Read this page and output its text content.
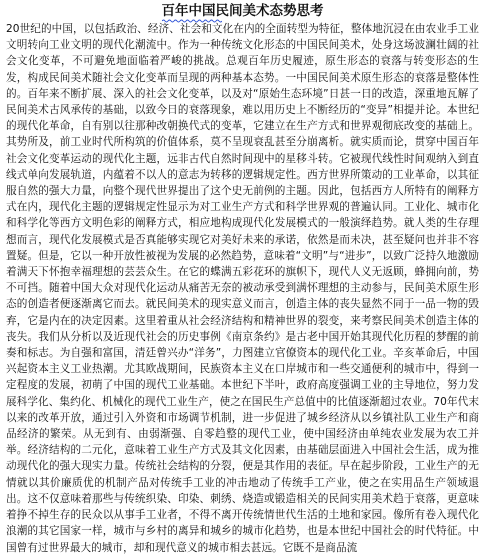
百年中国民间美术态势思考

20世纪的中国，以包括政治、经济、社会和文化在内的全面转型为特征，整体地沉浸在由农业手工业文明转向工业文明的现代化潮流中。作为一种传统文化形态的中国民间美术，处身这场波澜壮阔的社会文化变革，不可避免地面临着严峻的挑战。总观百年历史履迹，原生形态的衰落与转变形态的生发，构成民间美术随社会文化变革而呈现的两种基本态势。一中国民间美术原生形态的衰落是整体性的。百年来不断扩展、深入的社会文化变革，以及对“原始生态环境”日甚一日的改造，深重地瓦解了民间美术古风承传的基础，以致今日的衰落现象，难以用历史上不断经历的“变异”相提并论。本世纪的现代化革命，自有别以往那种改朝换代式的变革，它建立在生产方式和世界观彻底改变的基础上。其势所及，前工业时代所构筑的价值体系，莫不呈现衰乱甚至分崩离析。就实质而论，贯穿中国百年社会文化变革运动的现代化主题，远非古代自然时间现中的星移斗转。它被现代线性时间观纳入到直线式单向发展轨道，内蕴着不以人的意志为转移的逻辑规定性。西方世界所策动的工业革命，以其征服自然的强大力量，向整个现代世界提出了这个史无前例的主题。因此，包括西方人所特有的阐释方式在内，现代化主题的逻辑规定性显示为对工业生产方式和科学世界观的普遍认同。工业化、城市化和科学化等西方文明色彩的阐释方式，相应地构成现代化发展模式的一般演绎趋势。就人类的生存理想而言，现代化发展模式是否真能够实现它对美好未来的承诺，依然是而未决，甚至疑问也并非不容置疑。但是，它以一种开放性被视为发展的必然趋势，意味着“文明”与“进步”，以致广泛持久地激励着满天下怀抱幸福理想的芸芸众生。在它的蝶满五彩花环的旗帜下，现代人义无返顾，蜂拥向前，势不可挡。随着中国大众对现代化运动从痛苦无奈的被动承受到满怀理想的主动参与，民间美术原生形态的创造者便逐渐离它而去。就民间美术的现实意义而言，创造主体的丧失显然不同于一品一物的毁弃，它是内在的决定因素。这里着重从社会经济结构和精神世界的裂变，来考察民间美术创造主体的丧失。我们从分析以及近现代社会的历史事例《南京条约》是古老中国开始其现代化历程的梦醒的前奏和标志。为自强和富国，清廷曾兴办“洋务”，力图建立官僚资本的现代化工业。辛亥革命后，中国兴起资本主义工业热潮。尤其欧战期间，民族资本主义在口岸城市和一些交通便利的城市中，得到一定程度的发展，初萌了中国的现代工业基础。本世纪下半叶，政府高度强调工业的主导地位，努力发展科学化、集约化、机械化的现代工业生产，使之在国民生产总值中的比值逐渐超过农业。70年代末以来的改革开放，通过引入外资和市场调节机制，进一步促进了城乡经济从以乡镇社队工业生产和商品经济的繁荣。从无到有、由弱渐强、自零趋整的现代工业，使中国经济由单纯农业发展为农工并举。经济结构的二元化，意味着工业生产方式及其文化因素，由基础层面进入中国社会生活，成为推动现代化的强大现实力量。传统社会结构的分裂，便是其作用的表征。早在起步阶段，工业生产的无情就以其价廉质优的机制产品对传统手工业的冲击地动了传统手工产业，使之在实用品生产领域退出。这不仅意味着那些与传统织染、印染、刺绣、烧造或锻造相关的民间实用美术趋于衰落，更意味着挣不掉生存的民众以从事手工业者，不得不离开传统情世代生活的土地和家园。像所有卷入现代化浪潮的其它国家一样，城市与乡村的离异和城乡的城市化趋势，也是本世纪中国社会的时代特征。中国曾有过世界最大的城市，却和现代意义的城市相去甚远。它既不是商品流
